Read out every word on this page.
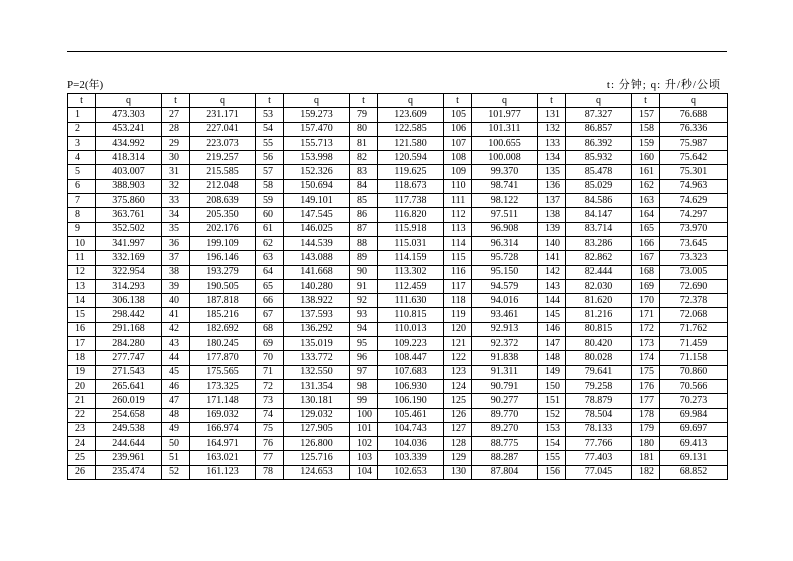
P=2(年)	t: 分钟; q: 升/秒/公顷
t	q	t	q	t	q	t	q	t	q	t	q	t	q
1	473.303	27	231.171	53	159.273	79	123.609	105	101.977	131	87.327	157	76.688
2	453.241	28	227.041	54	157.470	80	122.585	106	101.311	132	86.857	158	76.336
3	434.992	29	223.073	55	155.713	81	121.580	107	100.655	133	86.392	159	75.987
4	418.314	30	219.257	56	153.998	82	120.594	108	100.008	134	85.932	160	75.642
5	403.007	31	215.585	57	152.326	83	119.625	109	99.370	135	85.478	161	75.301
6	388.903	32	212.048	58	150.694	84	118.673	110	98.741	136	85.029	162	74.963
7	375.860	33	208.639	59	149.101	85	117.738	111	98.122	137	84.586	163	74.629
8	363.761	34	205.350	60	147.545	86	116.820	112	97.511	138	84.147	164	74.297
9	352.502	35	202.176	61	146.025	87	115.918	113	96.908	139	83.714	165	73.970
10	341.997	36	199.109	62	144.539	88	115.031	114	96.314	140	83.286	166	73.645
11	332.169	37	196.146	63	143.088	89	114.159	115	95.728	141	82.862	167	73.323
12	322.954	38	193.279	64	141.668	90	113.302	116	95.150	142	82.444	168	73.005
13	314.293	39	190.505	65	140.280	91	112.459	117	94.579	143	82.030	169	72.690
14	306.138	40	187.818	66	138.922	92	111.630	118	94.016	144	81.620	170	72.378
15	298.442	41	185.216	67	137.593	93	110.815	119	93.461	145	81.216	171	72.068
16	291.168	42	182.692	68	136.292	94	110.013	120	92.913	146	80.815	172	71.762
17	284.280	43	180.245	69	135.019	95	109.223	121	92.372	147	80.420	173	71.459
18	277.747	44	177.870	70	133.772	96	108.447	122	91.838	148	80.028	174	71.158
19	271.543	45	175.565	71	132.550	97	107.683	123	91.311	149	79.641	175	70.860
20	265.641	46	173.325	72	131.354	98	106.930	124	90.791	150	79.258	176	70.566
21	260.019	47	171.148	73	130.181	99	106.190	125	90.277	151	78.879	177	70.273
22	254.658	48	169.032	74	129.032	100	105.461	126	89.770	152	78.504	178	69.984
23	249.538	49	166.974	75	127.905	101	104.743	127	89.270	153	78.133	179	69.697
24	244.644	50	164.971	76	126.800	102	104.036	128	88.775	154	77.766	180	69.413
25	239.961	51	163.021	77	125.716	103	103.339	129	88.287	155	77.403	181	69.131
26	235.474	52	161.123	78	124.653	104	102.653	130	87.804	156	77.045	182	68.852
